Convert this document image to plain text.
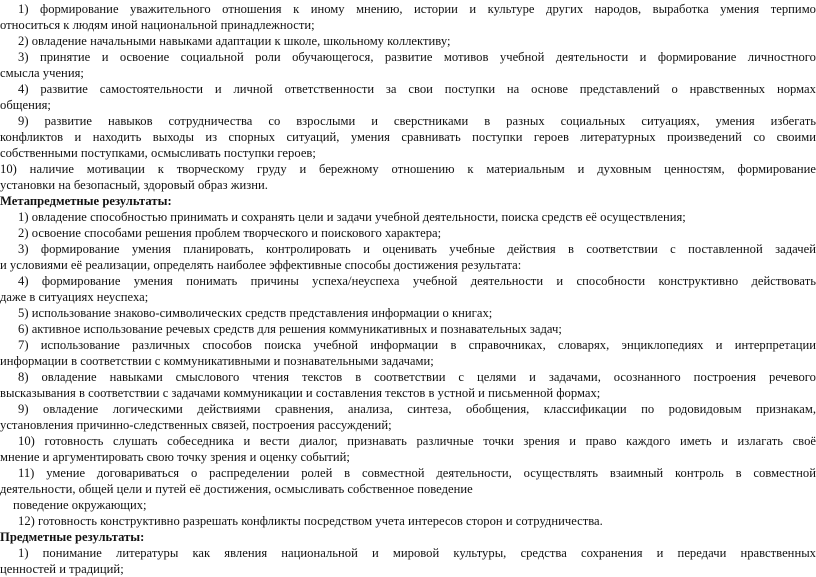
1) формирование уважительного отношения к иному мнению, истории и культуре других народов, выработка умения терпимо
относиться к людям иной национальной принадлежности;
2) овладение начальными навыками адаптации к школе, школьному коллективу;
3) принятие и освоение социальной роли обучающегося, развитие мотивов учебной деятельности и формирование личностного
смысла учения;
4) развитие самостоятельности и личной ответственности за свои поступки на основе представлений о нравственных нормах
общения;
9) развитие навыков сотрудничества со взрослыми и сверстниками в разных социальных ситуациях, умения избегать
конфликтов и находить выходы из спорных ситуаций, умения сравнивать поступки героев литературных произведений со своими
собственными поступками, осмысливать поступки героев;
10) наличие мотивации к творческому груду и бережному отношению к материальным и духовным ценностям, формирование
установки на безопасный, здоровый образ жизни.
Метапредметные результаты:
1) овладение способностью принимать и сохранять цели и задачи учебной деятельности, поиска средств её осуществления;
2) освоение способами решения проблем творческого и поискового характера;
3) формирование умения планировать, контролировать и оценивать учебные действия в соответствии с поставленной задачей
и условиями её реализации, определять наиболее эффективные способы достижения результата:
4) формирование умения понимать причины успеха/неуспеха учебной деятельности и способности конструктивно действовать
даже в ситуациях неуспеха;
5) использование знаково-символических средств представления информации о книгах;
6) активное использование речевых средств для решения коммуникативных и познавательных задач;
7) использование различных способов поиска учебной информации в справочниках, словарях, энциклопедиях и интерпретации
информации в соответствии с коммуникативными и познавательными задачами;
8) овладение навыками смыслового чтения текстов в соответствии с целями и задачами, осознанного построения речевого
высказывания в соответствии с задачами коммуникации и составления текстов в устной и письменной формах;
9) овладение логическими действиями сравнения, анализа, синтеза, обобщения, классификации по родовидовым признакам,
установления причинно-следственных связей, построения рассуждений;
10) готовность слушать собеседника и вести диалог, признавать различные точки зрения и право каждого иметь и излагать своё
мнение и аргументировать свою точку зрения и оценку событий;
11) умение договариваться о распределении ролей в совместной деятельности, осуществлять взаимный контроль в совместной
деятельности, общей цели и путей её достижения, осмысливать собственное поведение
поведение окружающих;
12) готовность конструктивно разрешать конфликты посредством учета интересов сторон и сотрудничества.
Предметные результаты:
1) понимание литературы как явления национальной и мировой культуры, средства сохранения и передачи нравственных
ценностей и традиций;
